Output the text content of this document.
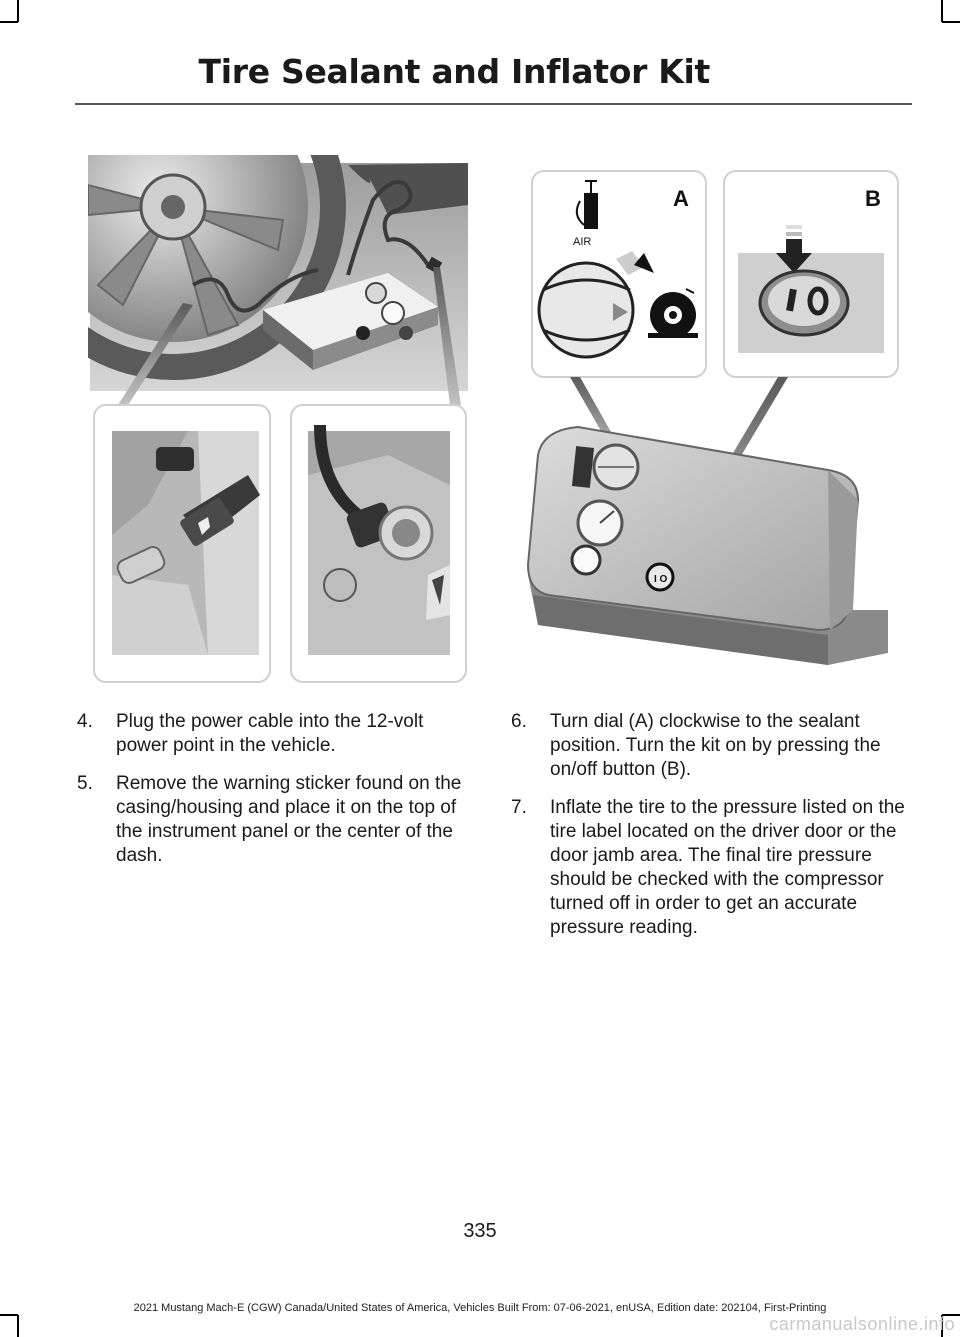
Tire Sealant and Inflator Kit
A
AIR
B
I O
4. Plug the power cable into the 12-volt power point in the vehicle.
5. Remove the warning sticker found on the casing/housing and place it on the top of the instrument panel or the center of the dash.
6. Turn dial (A) clockwise to the sealant position. Turn the kit on by pressing the on/off button (B).
7. Inflate the tire to the pressure listed on the tire label located on the driver door or the door jamb area. The final tire pressure should be checked with the compressor turned off in order to get an accurate pressure reading.
335
2021 Mustang Mach-E (CGW) Canada/United States of America, Vehicles Built From: 07-06-2021, enUSA, Edition date: 202104, First-Printing
carmanualsonline.info
